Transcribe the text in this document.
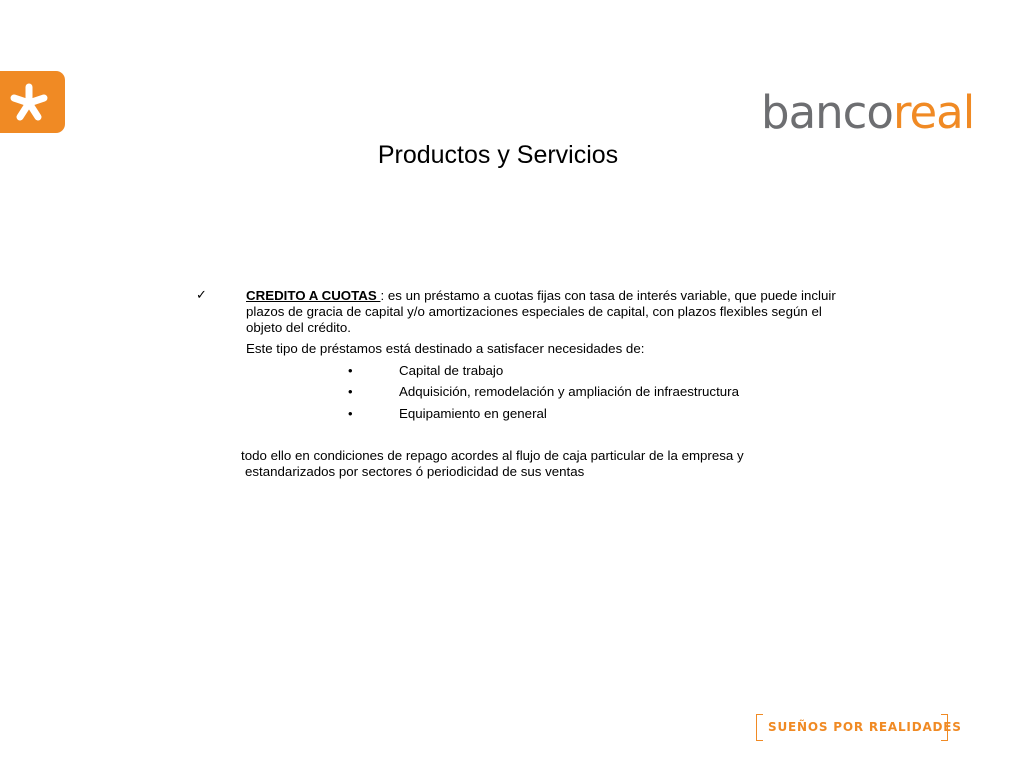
bancoreal
Productos y Servicios
✓	CREDITO A CUOTAS : es un préstamo a cuotas fijas con tasa de interés variable, que puede incluir plazos de gracia de capital y/o amortizaciones especiales de capital, con plazos flexibles según el objeto del crédito.
Este tipo de préstamos está destinado a satisfacer necesidades de:
•	Capital de trabajo
•	Adquisición, remodelación y ampliación de infraestructura
•	Equipamiento en general
todo ello en condiciones de repago acordes al flujo de caja particular de la empresa y
estandarizados por sectores ó periodicidad de sus ventas
SUEÑOS POR REALIDADES
